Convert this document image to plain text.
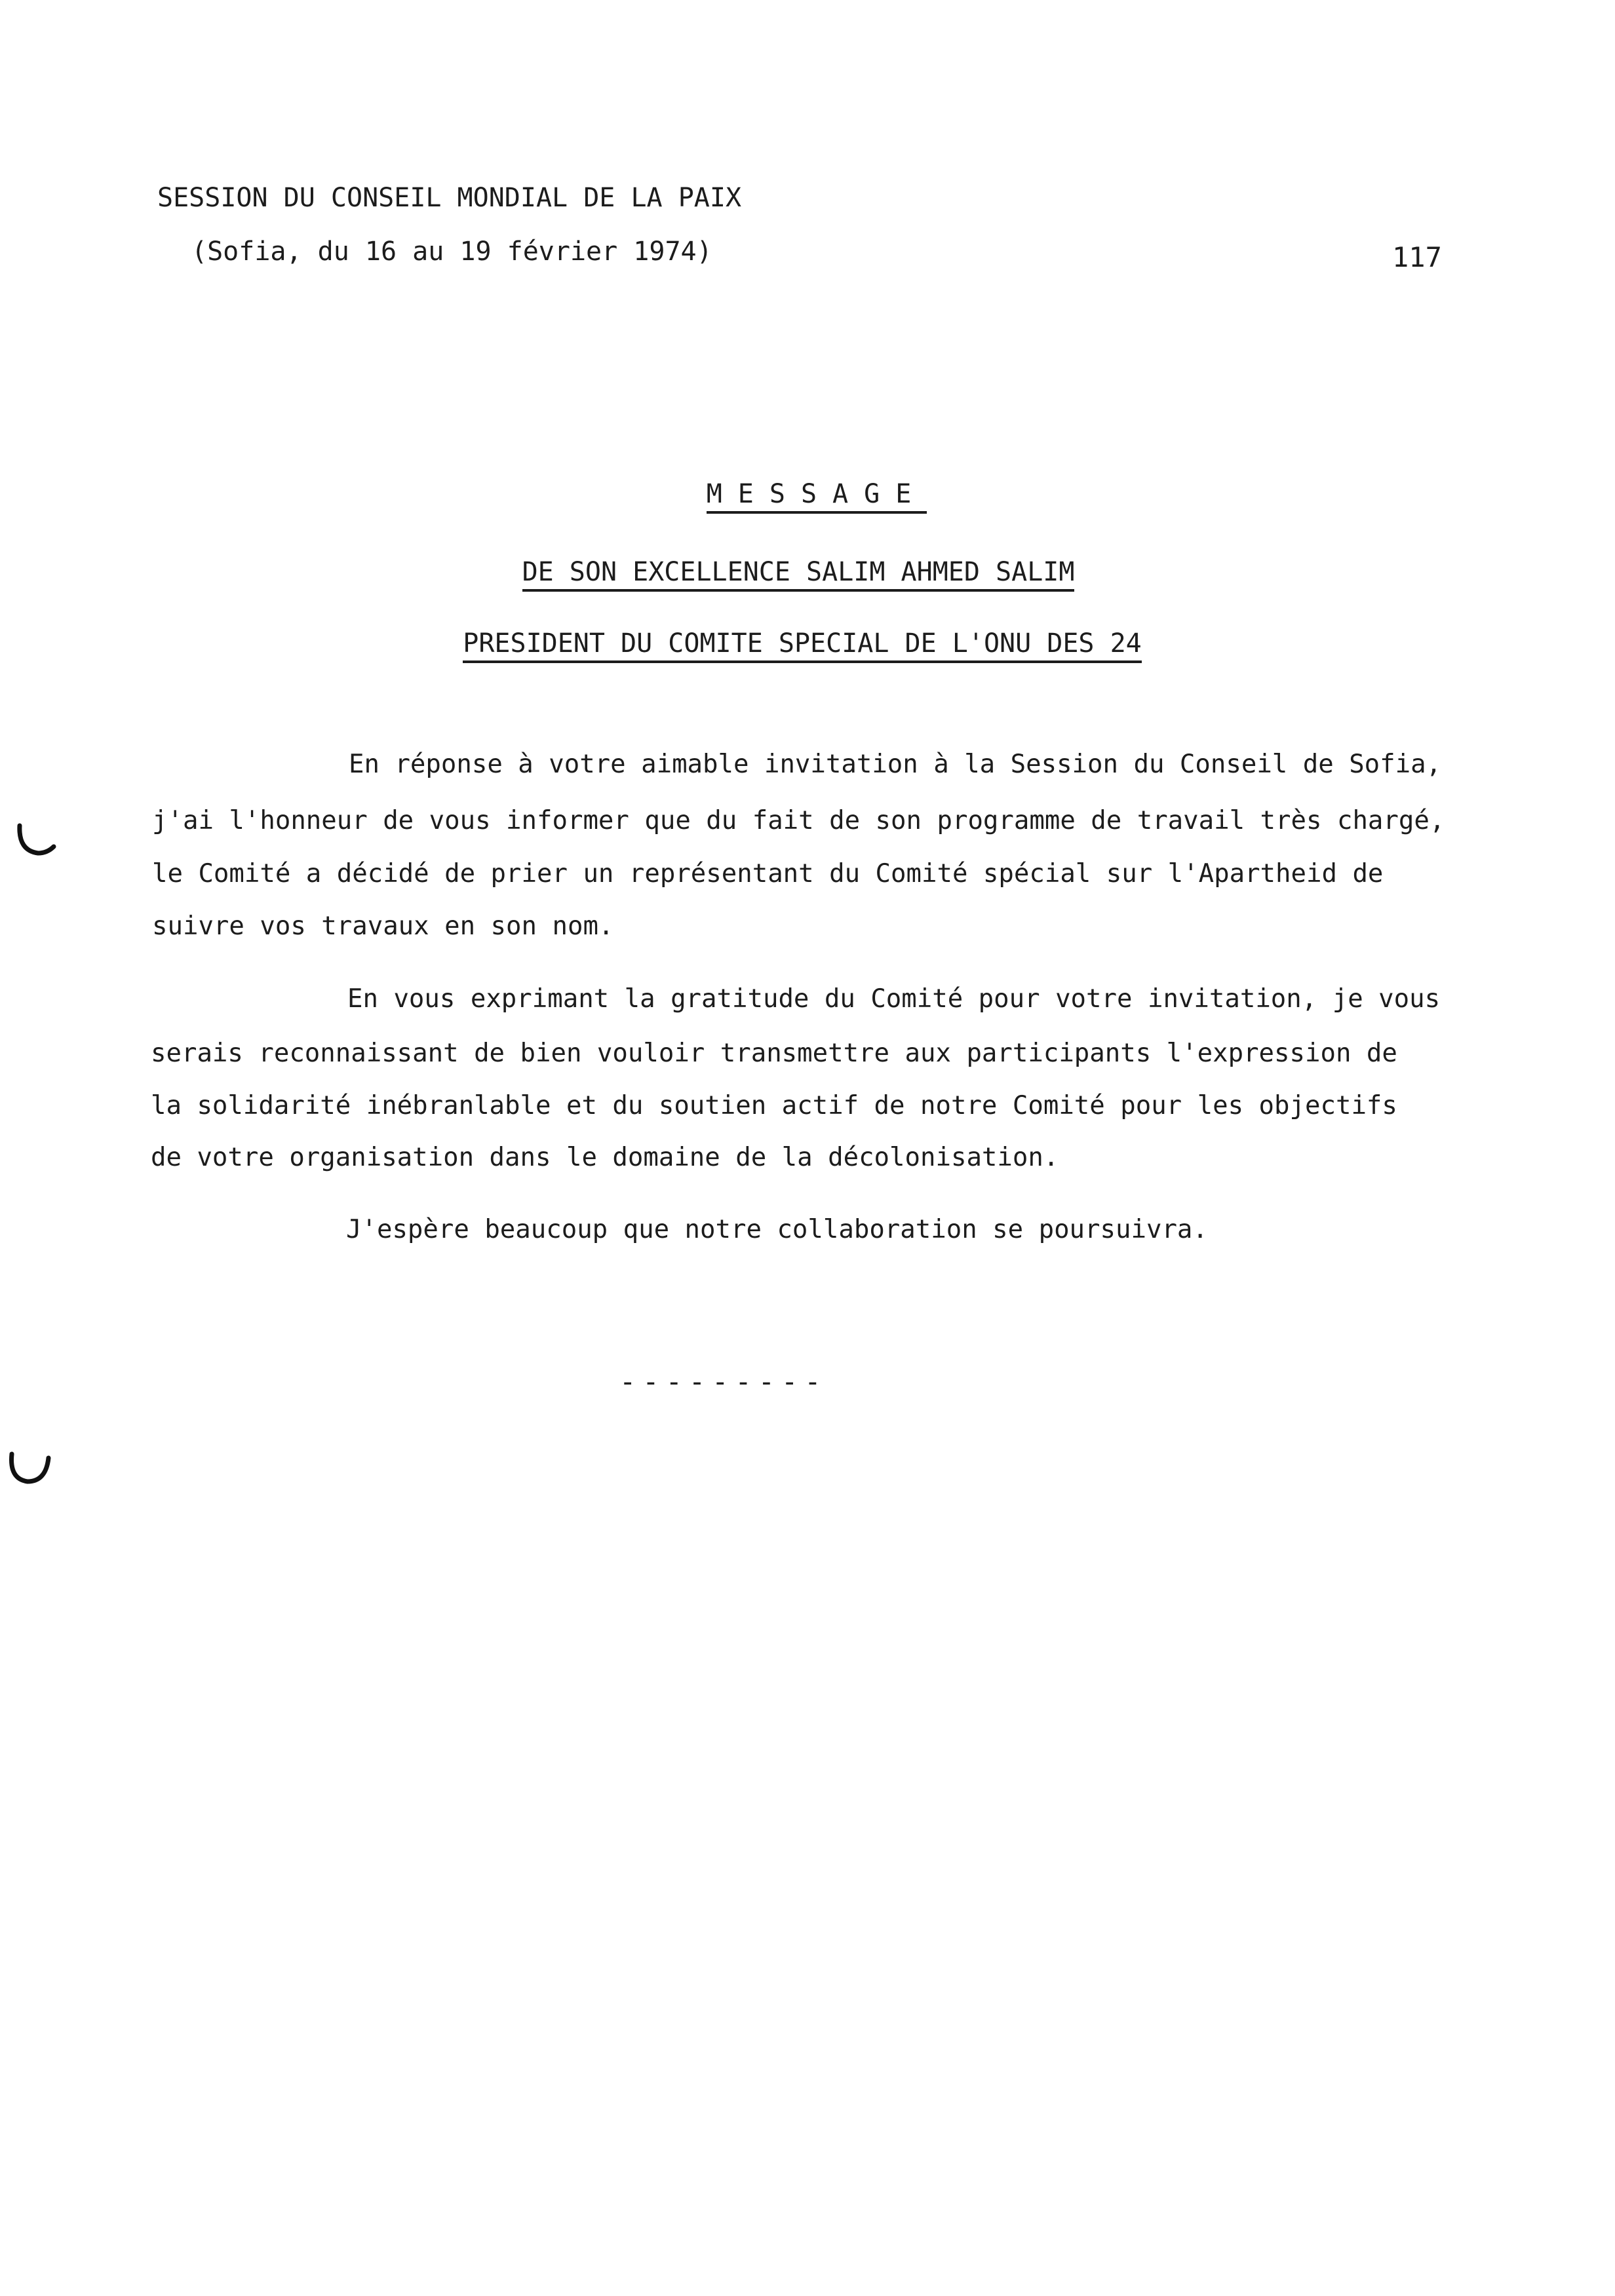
SESSION DU CONSEIL MONDIAL DE LA PAIX
(Sofia, du 16 au 19 février 1974)	117
MESSAGE
DE SON EXCELLENCE SALIM AHMED SALIM
PRESIDENT DU COMITE SPECIAL DE L'ONU DES 24
En réponse à votre aimable invitation à la Session du Conseil de Sofia,
j'ai l'honneur de vous informer que du fait de son programme de travail très chargé,
le Comité a décidé de prier un représentant du Comité spécial sur l'Apartheid de
suivre vos travaux en son nom.
En vous exprimant la gratitude du Comité pour votre invitation, je vous
serais reconnaissant de bien vouloir transmettre aux participants l'expression de
la solidarité inébranlable et du soutien actif de notre Comité pour les objectifs
de votre organisation dans le domaine de la décolonisation.
J'espère beaucoup que notre collaboration se poursuivra.
---------
